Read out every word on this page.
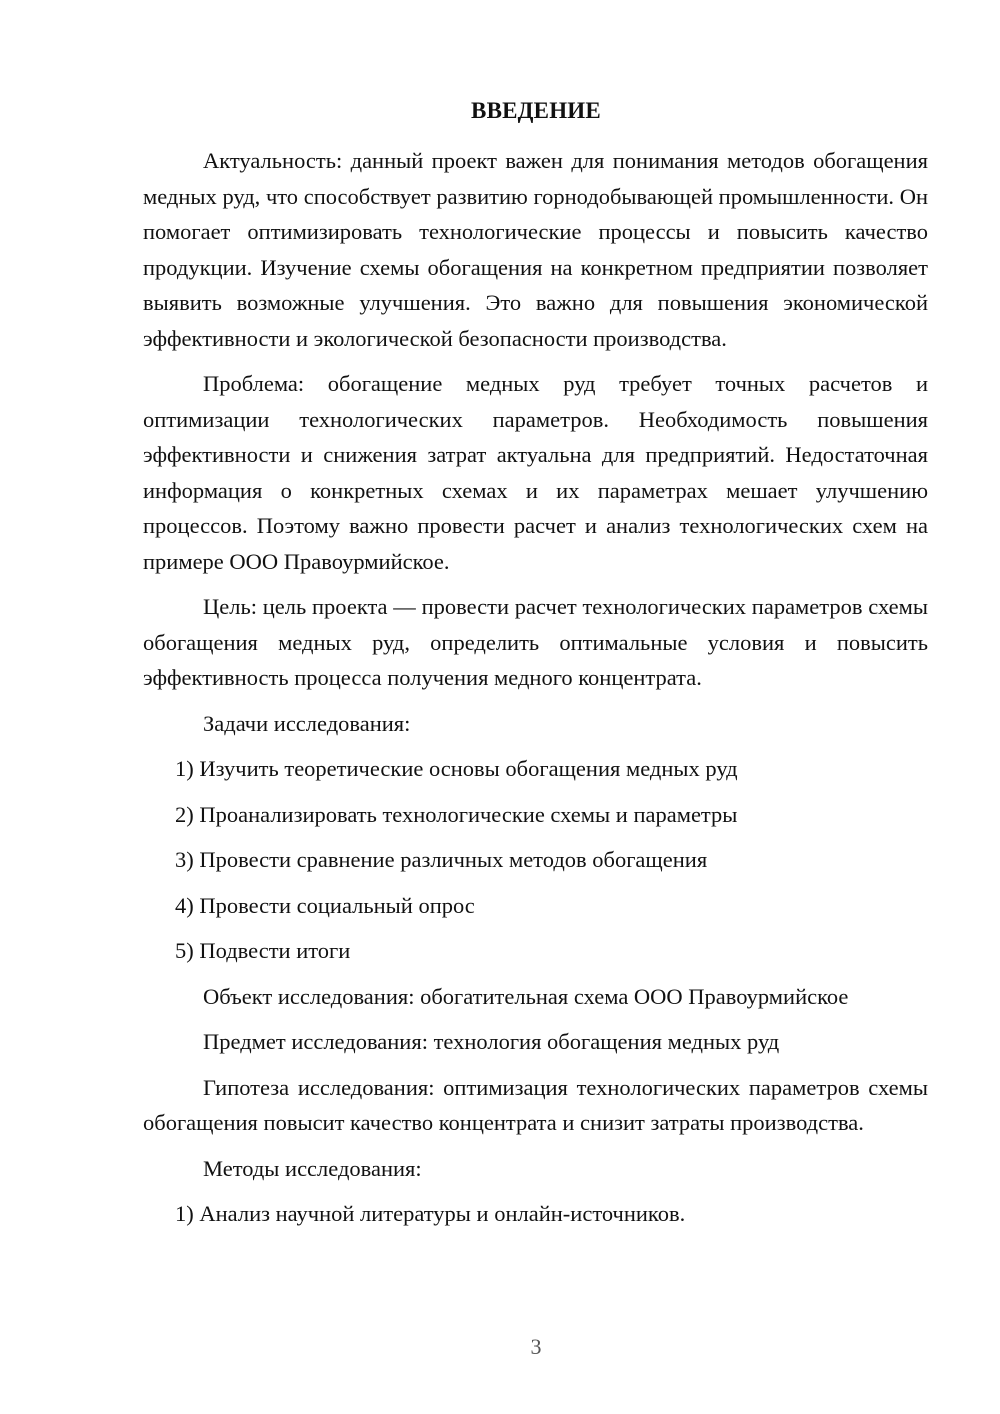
ВВЕДЕНИЕ

Актуальность: данный проект важен для понимания методов обогащения медных руд, что способствует развитию горнодобывающей промышленности. Он помогает оптимизировать технологические процессы и повысить качество продукции. Изучение схемы обогащения на конкретном предприятии позволяет выявить возможные улучшения. Это важно для повышения экономической эффективности и экологической безопасности производства.

Проблема: обогащение медных руд требует точных расчетов и оптимизации технологических параметров. Необходимость повышения эффективности и снижения затрат актуальна для предприятий. Недостаточная информация о конкретных схемах и их параметрах мешает улучшению процессов. Поэтому важно провести расчет и анализ технологических схем на примере ООО Правоурмийское.

Цель: цель проекта — провести расчет технологических параметров схемы обогащения медных руд, определить оптимальные условия и повысить эффективность процесса получения медного концентрата.

Задачи исследования:

1) Изучить теоретические основы обогащения медных руд

2) Проанализировать технологические схемы и параметры

3) Провести сравнение различных методов обогащения

4) Провести социальный опрос

5) Подвести итоги

Объект исследования: обогатительная схема ООО Правоурмийское

Предмет исследования: технология обогащения медных руд

Гипотеза исследования: оптимизация технологических параметров схемы обогащения повысит качество концентрата и снизит затраты производства.

Методы исследования:

1) Анализ научной литературы и онлайн-источников.

3
